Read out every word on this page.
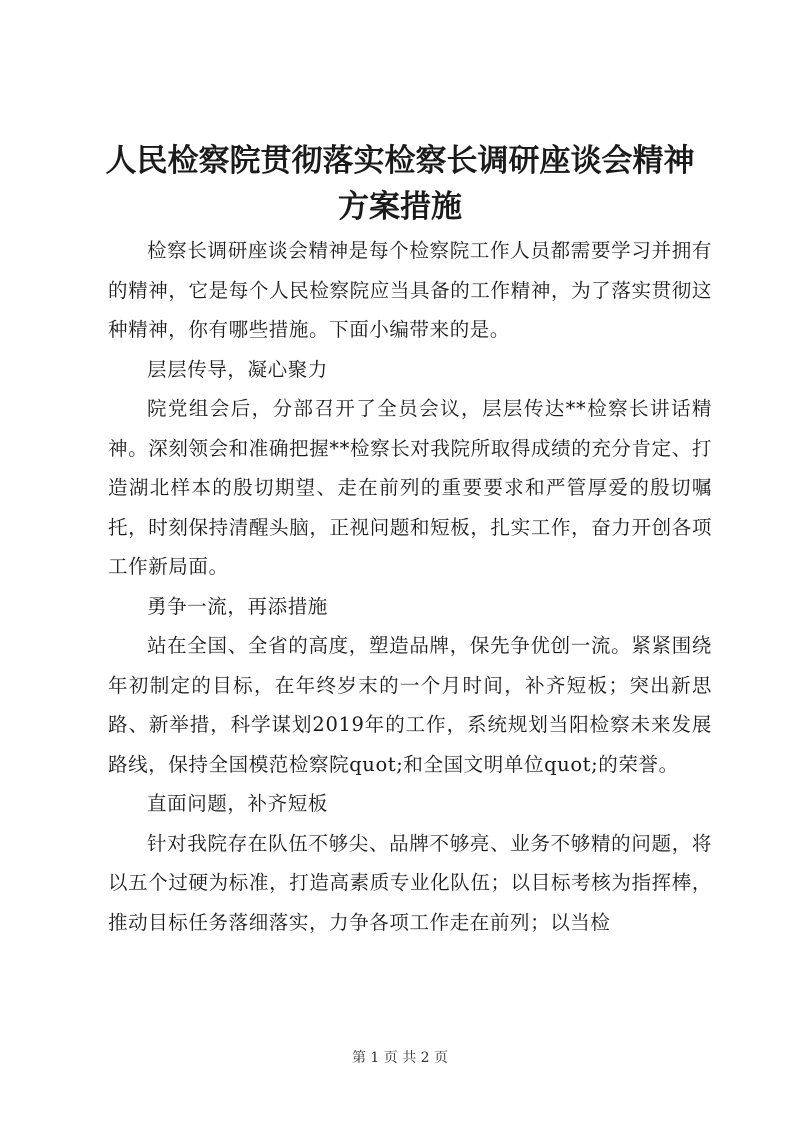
人民检察院贯彻落实检察长调研座谈会精神方案措施

检察长调研座谈会精神是每个检察院工作人员都需要学习并拥有的精神，它是每个人民检察院应当具备的工作精神，为了落实贯彻这种精神，你有哪些措施。下面小编带来的是。

层层传导，凝心聚力

院党组会后，分部召开了全员会议，层层传达**检察长讲话精神。深刻领会和准确把握**检察长对我院所取得成绩的充分肯定、打造湖北样本的殷切期望、走在前列的重要要求和严管厚爱的殷切嘱托，时刻保持清醒头脑，正视问题和短板，扎实工作，奋力开创各项工作新局面。

勇争一流，再添措施

站在全国、全省的高度，塑造品牌，保先争优创一流。紧紧围绕年初制定的目标，在年终岁末的一个月时间，补齐短板；突出新思路、新举措，科学谋划2019年的工作，系统规划当阳检察未来发展路线，保持全国模范检察院quot;和全国文明单位quot;的荣誉。

直面问题，补齐短板

针对我院存在队伍不够尖、品牌不够亮、业务不够精的问题，将以五个过硬为标准，打造高素质专业化队伍；以目标考核为指挥棒，推动目标任务落细落实，力争各项工作走在前列；以当检

第 1 页 共 2 页
